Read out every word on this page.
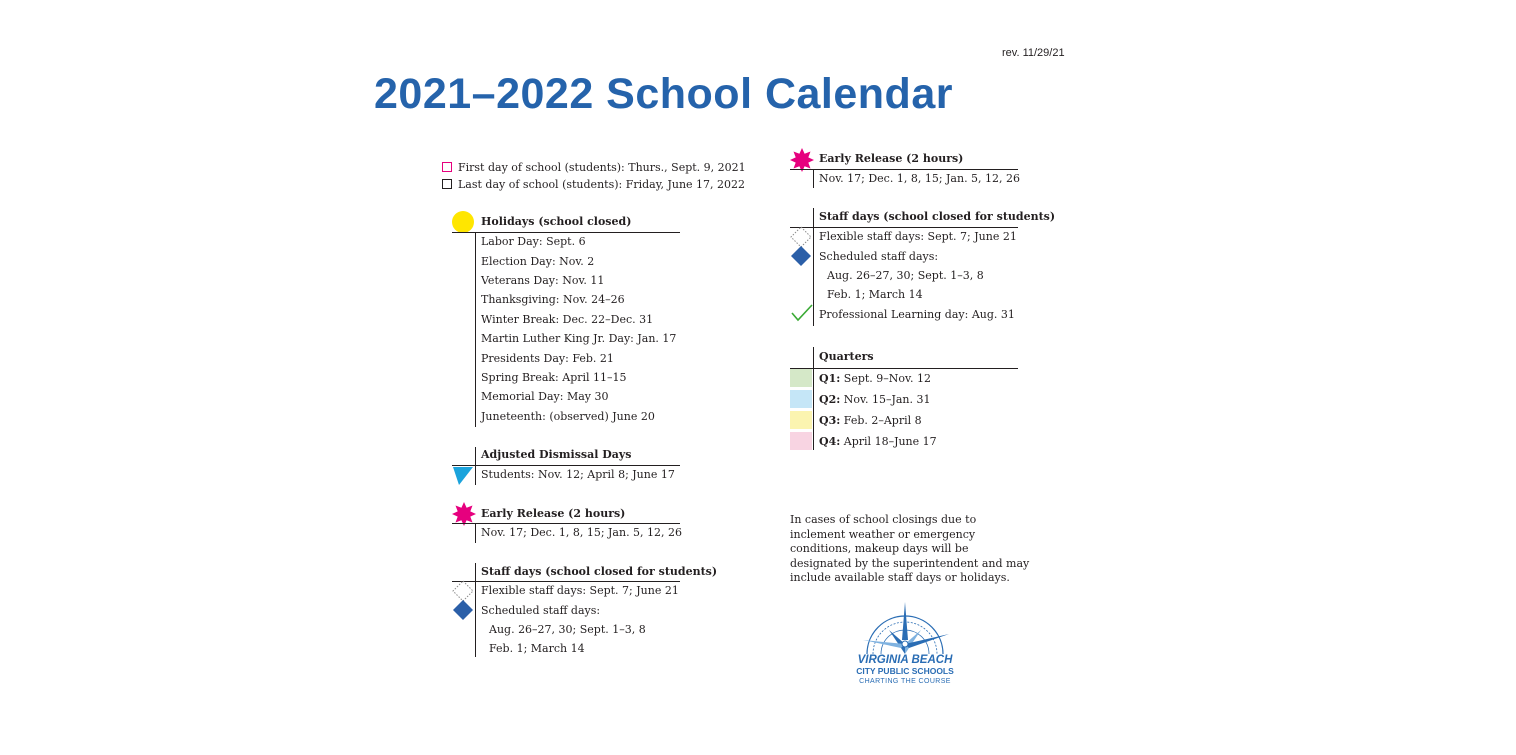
rev. 11/29/21
2021–2022 School Calendar
First day of school (students): Thurs., Sept. 9, 2021
Last day of school (students): Friday, June 17, 2022
Holidays (school closed)
Labor Day: Sept. 6
Election Day: Nov. 2
Veterans Day: Nov. 11
Thanksgiving: Nov. 24–26
Winter Break: Dec. 22–Dec. 31
Martin Luther King Jr. Day: Jan. 17
Presidents Day: Feb. 21
Spring Break: April 11–15
Memorial Day: May 30
Juneteenth: (observed) June 20
Adjusted Dismissal Days
Students: Nov. 12; April 8; June 17
Early Release (2 hours)
Nov. 17; Dec. 1, 8, 15; Jan. 5, 12, 26
Staff days (school closed for students)
Flexible staff days: Sept. 7; June 21
Scheduled staff days:
Aug. 26–27, 30; Sept. 1–3, 8
Feb. 1; March 14
Early Release (2 hours)
Nov. 17; Dec. 1, 8, 15; Jan. 5, 12, 26
Staff days (school closed for students)
Flexible staff days: Sept. 7; June 21
Scheduled staff days:
Aug. 26–27, 30; Sept. 1–3, 8
Feb. 1; March 14
Professional Learning day: Aug. 31
Quarters
Q1: Sept. 9–Nov. 12
Q2: Nov. 15–Jan. 31
Q3: Feb. 2–April 8
Q4: April 18–June 17
In cases of school closings due to inclement weather or emergency conditions, makeup days will be designated by the superintendent and may include available staff days or holidays.
VIRGINIA BEACH
CITY PUBLIC SCHOOLS
CHARTING THE COURSE
